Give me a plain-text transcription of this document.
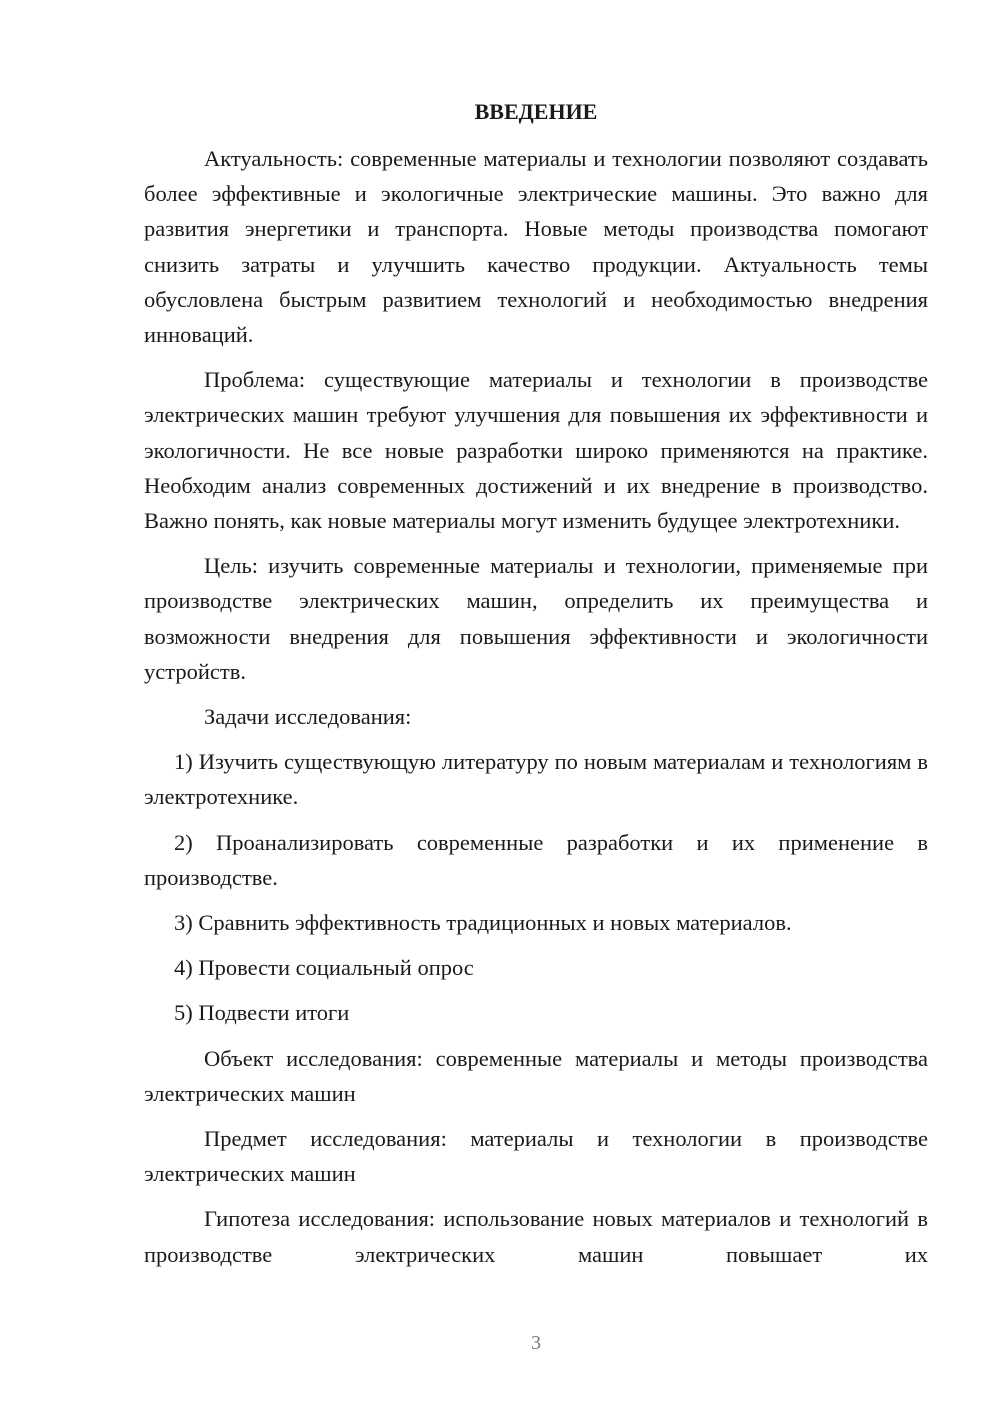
ВВЕДЕНИЕ

Актуальность: современные материалы и технологии позволяют создавать более эффективные и экологичные электрические машины. Это важно для развития энергетики и транспорта. Новые методы производства помогают снизить затраты и улучшить качество продукции. Актуальность темы обусловлена быстрым развитием технологий и необходимостью внедрения инноваций.

Проблема: существующие материалы и технологии в производстве электрических машин требуют улучшения для повышения их эффективности и экологичности. Не все новые разработки широко применяются на практике. Необходим анализ современных достижений и их внедрение в производство. Важно понять, как новые материалы могут изменить будущее электротехники.

Цель: изучить современные материалы и технологии, применяемые при производстве электрических машин, определить их преимущества и возможности внедрения для повышения эффективности и экологичности устройств.

Задачи исследования:

1) Изучить существующую литературу по новым материалам и технологиям в электротехнике.

2) Проанализировать современные разработки и их применение в производстве.

3) Сравнить эффективность традиционных и новых материалов.

4) Провести социальный опрос

5) Подвести итоги

Объект исследования: современные материалы и методы производства электрических машин

Предмет исследования: материалы и технологии в производстве электрических машин

Гипотеза исследования: использование новых материалов и технологий в производстве электрических машин повышает их

3
